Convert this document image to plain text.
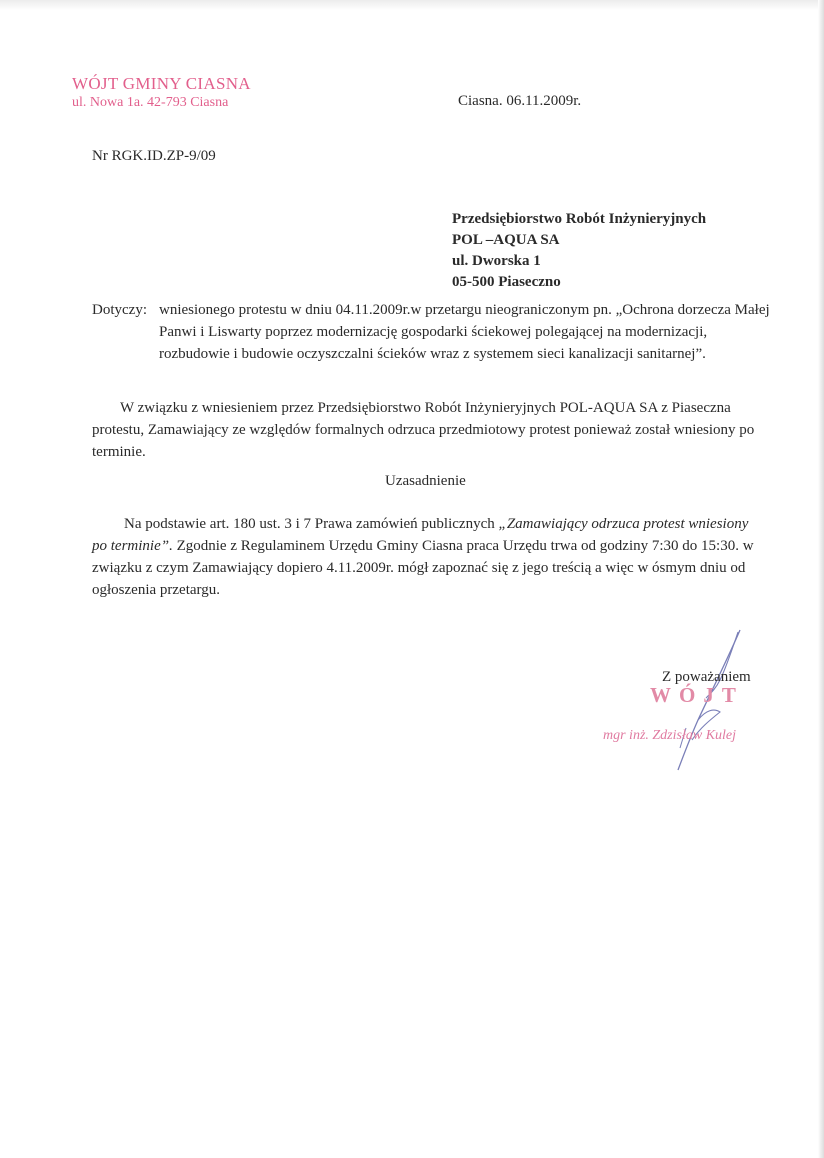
WÓJT GMINY CIASNA
ul. Nowa 1a. 42-793 Ciasna	Ciasna. 06.11.2009r.
Nr RGK.ID.ZP-9/09
Przedsiębiorstwo Robót Inżynieryjnych
POL –AQUA SA
ul. Dworska 1
05-500 Piaseczno
Dotyczy: wniesionego protestu w dniu 04.11.2009r.w przetargu nieograniczonym pn. „Ochrona dorzecza Małej Panwi i Liswarty poprzez modernizację gospodarki ściekowej polegającej na modernizacji, rozbudowie i budowie oczyszczalni ścieków wraz z systemem sieci kanalizacji sanitarnej”.
W związku z wniesieniem przez Przedsiębiorstwo Robót Inżynieryjnych POL-AQUA SA z Piaseczna protestu, Zamawiający ze względów formalnych odrzuca przedmiotowy protest ponieważ został wniesiony po terminie.
Uzasadnienie
Na podstawie art. 180 ust. 3 i 7 Prawa zamówień publicznych „Zamawiający odrzuca protest wniesiony po terminie”. Zgodnie z Regulaminem Urzędu Gminy Ciasna praca Urzędu trwa od godziny 7:30 do 15:30. w związku z czym Zamawiający dopiero 4.11.2009r. mógł zapoznać się z jego treścią a więc w ósmym dniu od ogłoszenia przetargu.
Z poważaniem
WÓJT
mgr inż. Zdzisław Kulej
